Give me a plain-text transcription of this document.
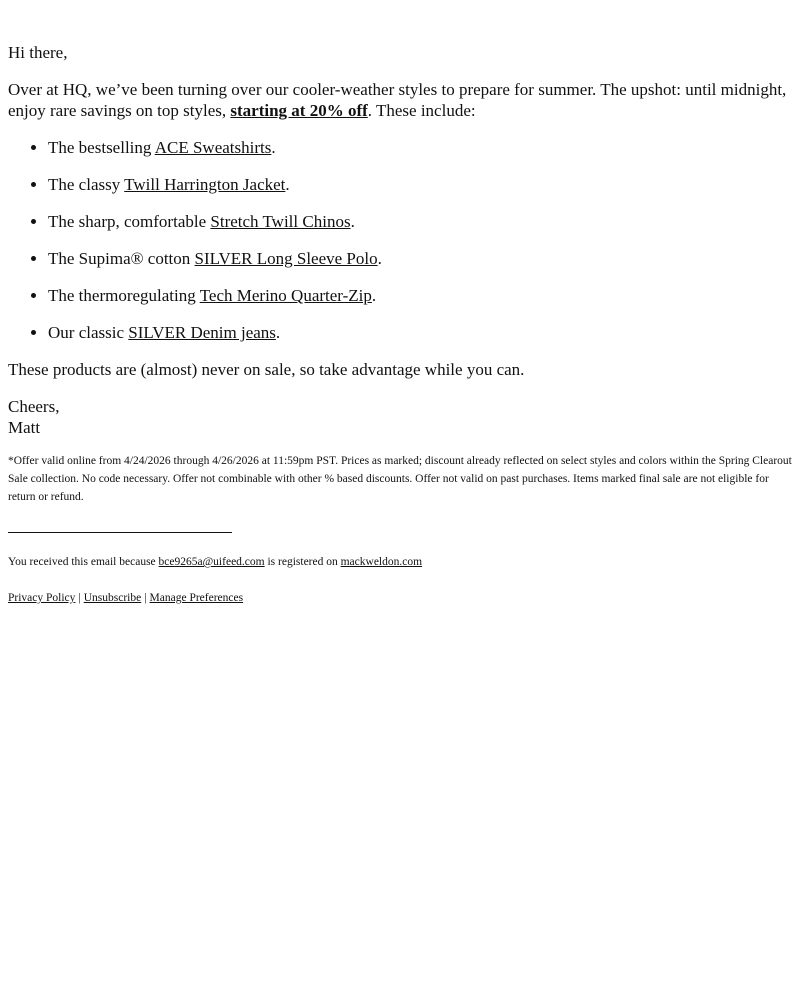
Hi there,

Over at HQ, we’ve been turning over our cooler-weather styles to prepare for summer. The upshot: until midnight, enjoy rare savings on top styles, starting at 20% off. These include:

• The bestselling ACE Sweatshirts.
• The classy Twill Harrington Jacket.
• The sharp, comfortable Stretch Twill Chinos.
• The Supima® cotton SILVER Long Sleeve Polo.
• The thermoregulating Tech Merino Quarter-Zip.
• Our classic SILVER Denim jeans.

These products are (almost) never on sale, so take advantage while you can.

Cheers,
Matt

*Offer valid online from 4/24/2026 through 4/26/2026 at 11:59pm PST. Prices as marked; discount already reflected on select styles and colors within the Spring Clearout Sale collection. No code necessary. Offer not combinable with other % based discounts. Offer not valid on past purchases. Items marked final sale are not eligible for return or refund.

You received this email because bce9265a@uifeed.com is registered on mackweldon.com

Privacy Policy | Unsubscribe | Manage Preferences
